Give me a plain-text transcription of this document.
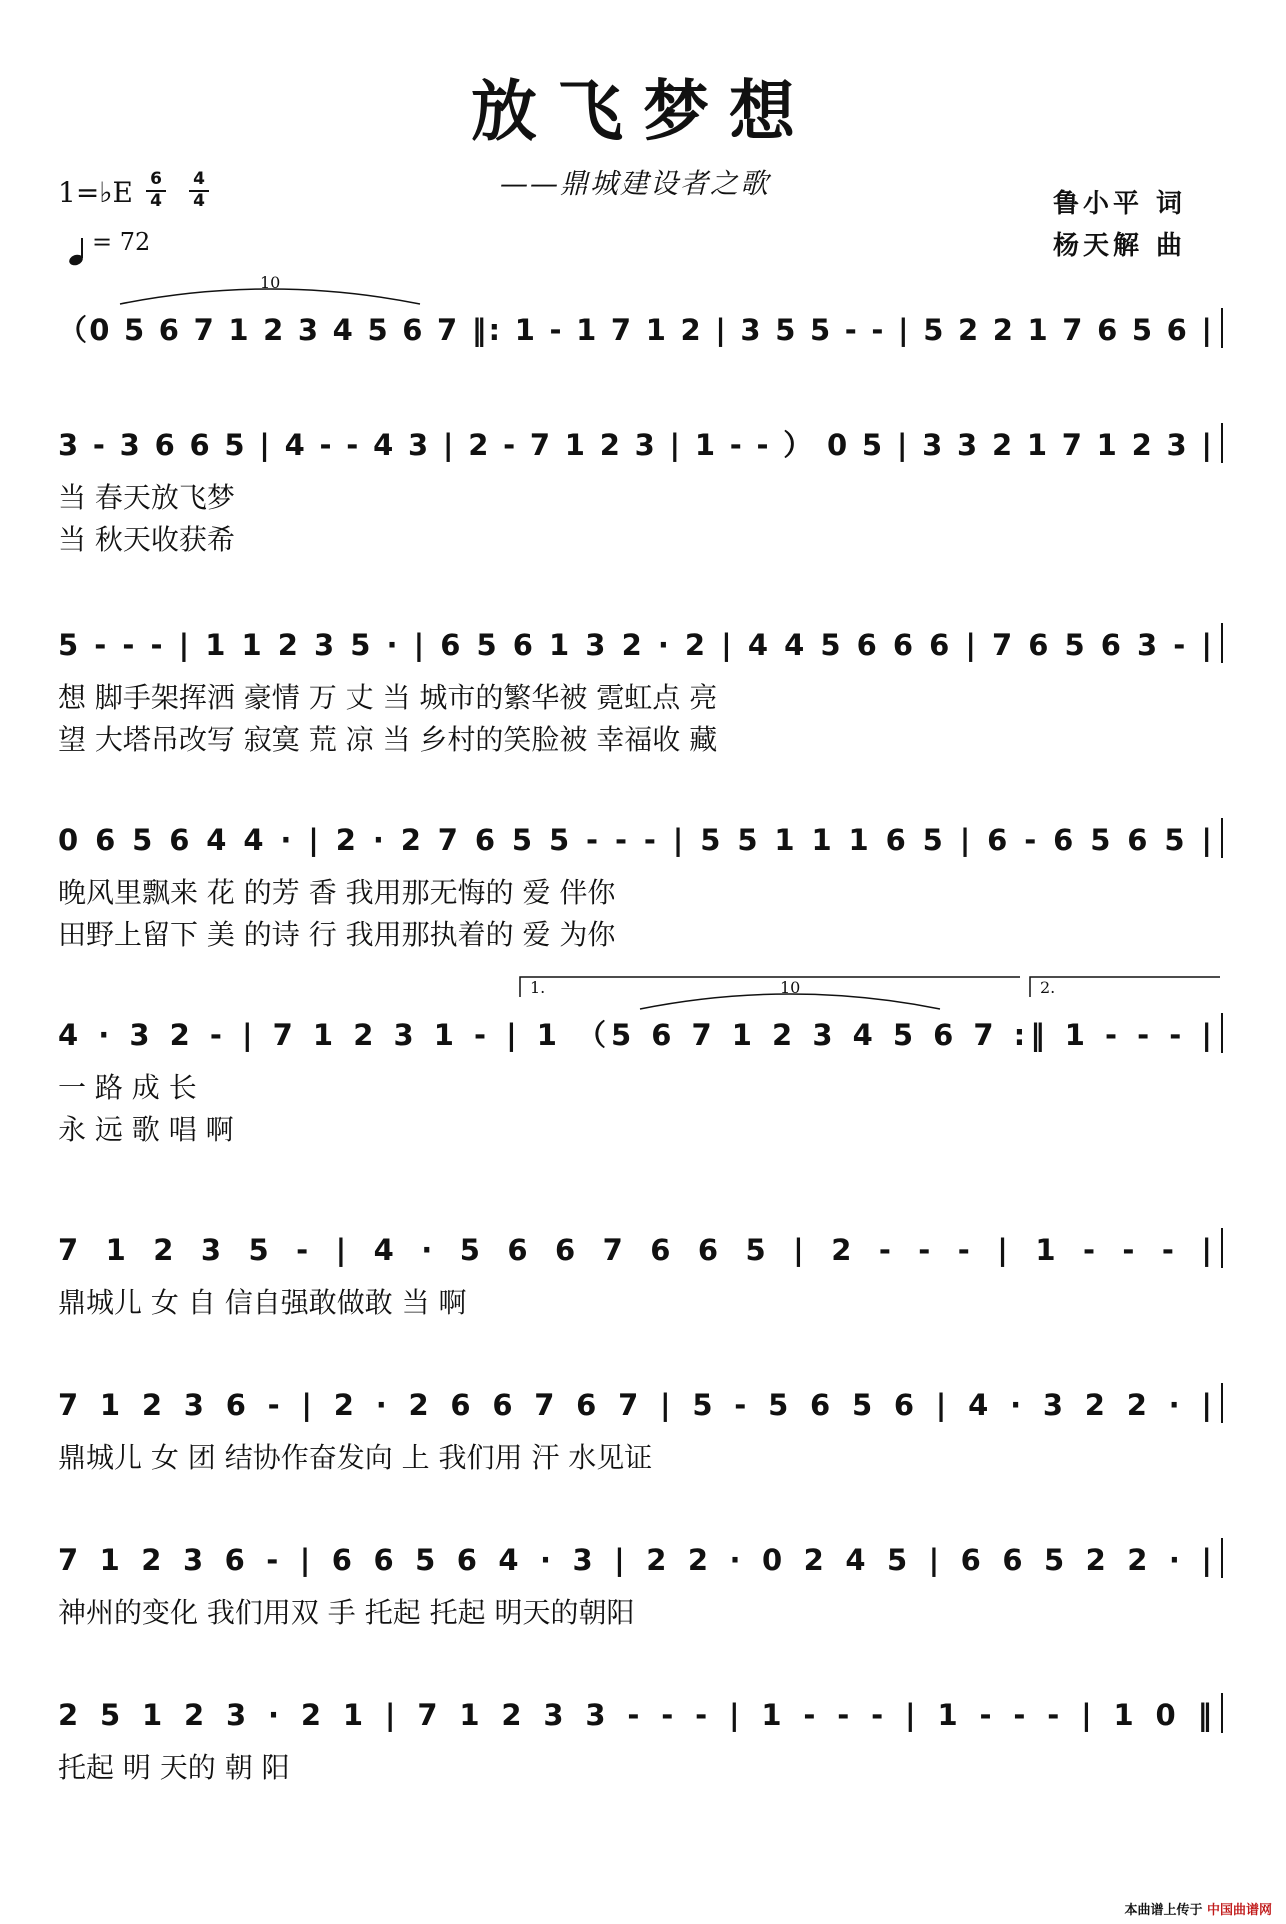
放飞梦想
——鼎城建设者之歌
鲁小平 词
杨天解 曲
1=♭E 6
4
4
4
= 72
（0 5 6 7 1 2 3 4 5 6 7 ‖: 1 - 1 7 1 2 | 3 5 5 - - | 5 2 2 1 7 6 5 6 |
3 - 3 6 6 5 | 4 - - 4 3 | 2 - 7 1 2 3 | 1 - - ） 0 5 | 3 3 2 1 7 1 2 3 |
当 春天放飞梦
当 秋天收获希
5 - - - | 1 1 2 3 5 · | 6 5 6 1 3 2 · 2 | 4 4 5 6 6 6 | 7 6 5 6 3 - |
想 脚手架挥洒 豪情 万 丈 当 城市的繁华被 霓虹点 亮
望 大塔吊改写 寂寞 荒 凉 当 乡村的笑脸被 幸福收 藏
0 6 5 6 4 4 · | 2 · 2 7 6 5 5 - - - | 5 5 1 1 1 6 5 | 6 - 6 5 6 5 |
晚风里飘来 花 的芳 香 我用那无悔的 爱 伴你
田野上留下 美 的诗 行 我用那执着的 爱 为你
4 · 3 2 - | 7 1 2 3 1 - | 1 （5 6 7 1 2 3 4 5 6 7 :‖ 1 - - - |
一 路 成 长
永 远 歌 唱 啊
7 1 2 3 5 - | 4 · 5 6 6 7 6 6 5 | 2 - - - | 1 - - - |
鼎城儿 女 自 信自强敢做敢 当 啊
7 1 2 3 6 - | 2 · 2 6 6 7 6 7 | 5 - 5 6 5 6 | 4 · 3 2 2 · |
鼎城儿 女 团 结协作奋发向 上 我们用 汗 水见证
7 1 2 3 6 - | 6 6 5 6 4 · 3 | 2 2 · 0 2 4 5 | 6 6 5 2 2 · |
神州的变化 我们用双 手 托起 托起 明天的朝阳
2 5 1 2 3 · 2 1 | 7 1 2 3 3 - - - | 1 - - - | 1 - - - | 1 0 ‖
托起 明 天的 朝 阳
10
10
1.	2.
本曲谱上传于 中国曲谱网
